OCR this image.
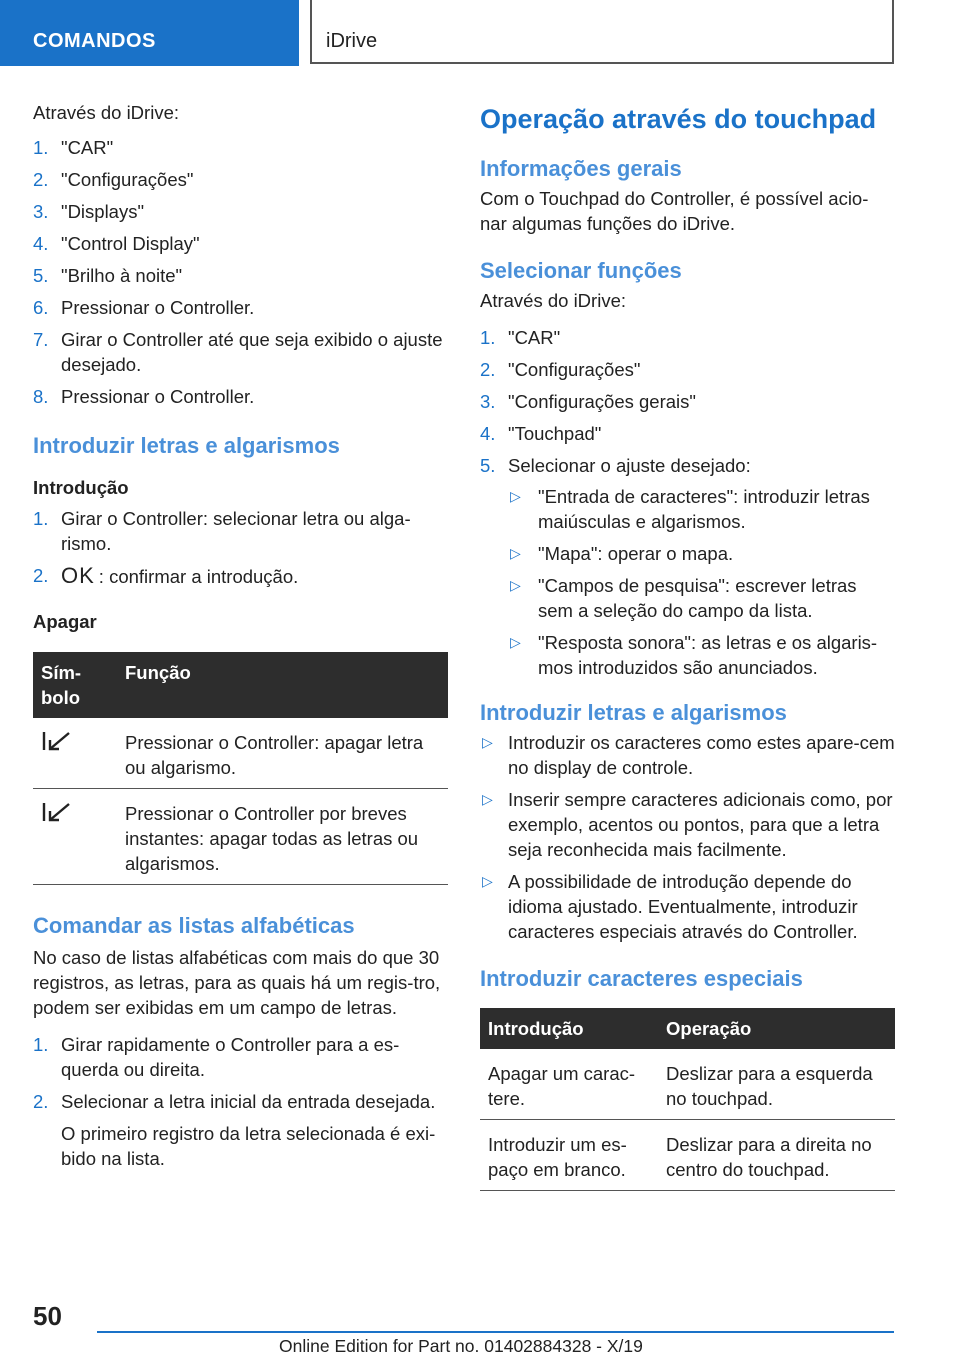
COMANDOS	iDrive

Através do iDrive:

1. "CAR"
2. "Configurações"
3. "Displays"
4. "Control Display"
5. "Brilho à noite"
6. Pressionar o Controller.
7. Girar o Controller até que seja exibido o ajuste desejado.
8. Pressionar o Controller.
Introduzir letras e algarismos
Introdução
1. Girar o Controller: selecionar letra ou alga-rismo.
2. OK : confirmar a introdução.
Apagar
Sím-bolo	Função
	Pressionar o Controller: apagar letra ou algarismo.
	Pressionar o Controller por breves instantes: apagar todas as letras ou algarismos.
Comandar as listas alfabéticas

No caso de listas alfabéticas com mais do que 30 registros, as letras, para as quais há um regis-tro, podem ser exibidas em um campo de letras.

1. Girar rapidamente o Controller para a es-querda ou direita.
2. Selecionar a letra inicial da entrada desejada.

O primeiro registro da letra selecionada é exi-bido na lista.

Operação através do touchpad
Informações gerais

Com o Touchpad do Controller, é possível acio-nar algumas funções do iDrive.

Selecionar funções

Através do iDrive:

1. "CAR"
2. "Configurações"
3. "Configurações gerais"
4. "Touchpad"
5. Selecionar o ajuste desejado:
▷ "Entrada de caracteres": introduzir letras maiúsculas e algarismos.
▷ "Mapa": operar o mapa.
▷ "Campos de pesquisa": escrever letras sem a seleção do campo da lista.
▷ "Resposta sonora": as letras e os algaris-mos introduzidos são anunciados.
Introduzir letras e algarismos
▷ Introduzir os caracteres como estes apare-cem no display de controle.
▷ Inserir sempre caracteres adicionais como, por exemplo, acentos ou pontos, para que a letra seja reconhecida mais facilmente.
▷ A possibilidade de introdução depende do idioma ajustado. Eventualmente, introduzir caracteres especiais através do Controller.
Introduzir caracteres especiais
Introdução	Operação
Apagar um carac-tere.	Deslizar para a esquerda no touchpad.
Introduzir um es-paço em branco.	Deslizar para a direita no centro do touchpad.
50
Online Edition for Part no. 01402884328 - X/19
